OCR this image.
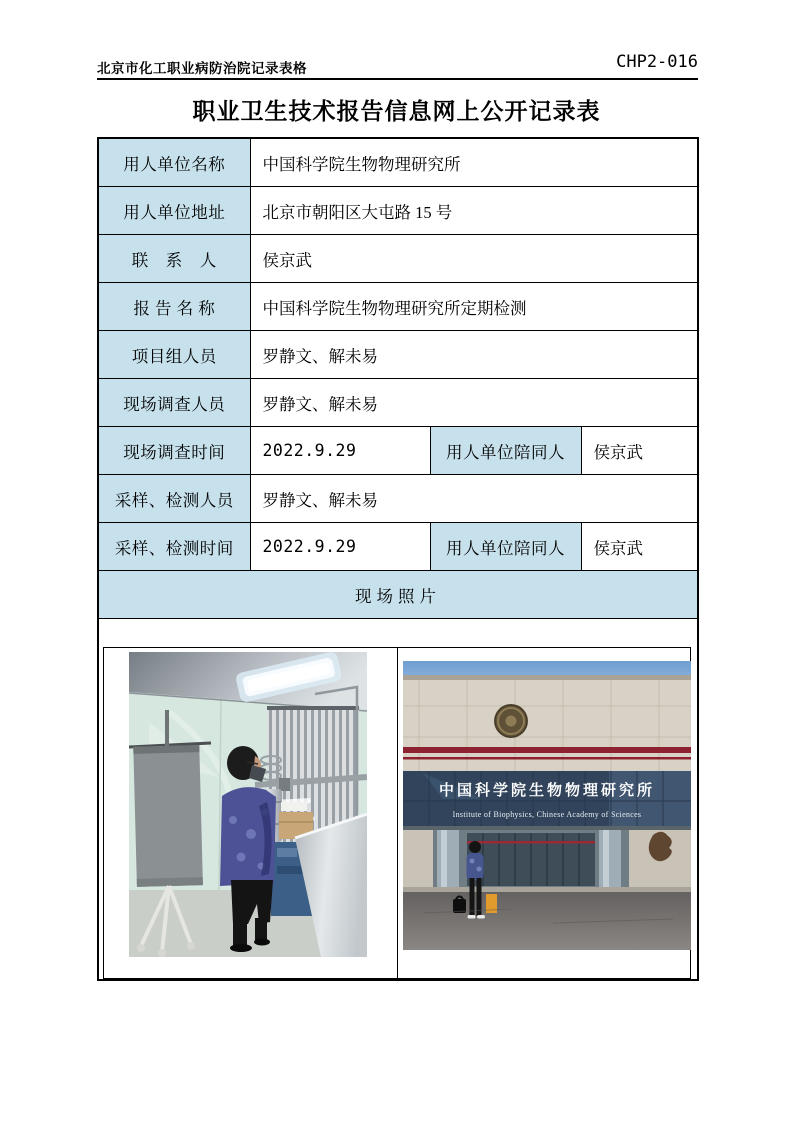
北京市化工职业病防治院记录表格	CHP2-016
职业卫生技术报告信息网上公开记录表
用人单位名称	中国科学院生物物理研究所		
用人单位地址	北京市朝阳区大屯路 15 号		
联　系　人	侯京武		
报 告 名 称	中国科学院生物物理研究所定期检测		
项目组人员	罗静文、解未易		
现场调查人员	罗静文、解未易		
现场调查时间	2022.9.29	用人单位陪同人	侯京武
采样、检测人员	罗静文、解未易		
采样、检测时间	2022.9.29	用人单位陪同人	侯京武
现场照片			

中国科学院生物物理研究所
Institute of Biophysics, Chinese Academy of Sciences			
